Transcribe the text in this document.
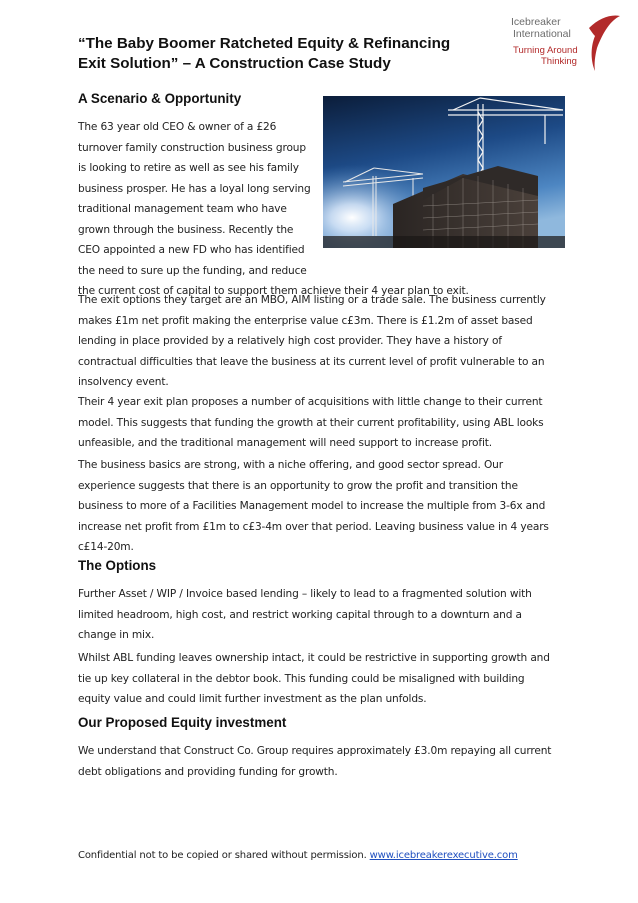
“The Baby Boomer Ratcheted Equity & Refinancing
Exit Solution” – A Construction Case Study
Icebreaker
International
Turning Around
Thinking
A Scenario & Opportunity

The 63 year old CEO & owner of a £26
turnover family construction business group
is looking to retire as well as see his family
business prosper. He has a loyal long serving
traditional management team who have
grown through the business. Recently the
CEO appointed a new FD who has identified
the need to sure up the funding, and reduce
the current cost of capital to support them achieve their 4 year plan to exit.

The exit options they target are an MBO, AIM listing or a trade sale. The business currently
makes £1m net profit making the enterprise value c£3m. There is £1.2m of asset based
lending in place provided by a relatively high cost provider. They have a history of
contractual difficulties that leave the business at its current level of profit vulnerable to an
insolvency event.

Their 4 year exit plan proposes a number of acquisitions with little change to their current
model. This suggests that funding the growth at their current profitability, using ABL looks
unfeasible, and the traditional management will need support to increase profit.

The business basics are strong, with a niche offering, and good sector spread. Our
experience suggests that there is an opportunity to grow the profit and transition the
business to more of a Facilities Management model to increase the multiple from 3-6x and
increase net profit from £1m to c£3-4m over that period. Leaving business value in 4 years
c£14-20m.

The Options

Further Asset / WIP / Invoice based lending – likely to lead to a fragmented solution with
limited headroom, high cost, and restrict working capital through to a downturn and a
change in mix.

Whilst ABL funding leaves ownership intact, it could be restrictive in supporting growth and
tie up key collateral in the debtor book. This funding could be misaligned with building
equity value and could limit further investment as the plan unfolds.

Our Proposed Equity investment

We understand that Construct Co. Group requires approximately £3.0m repaying all current
debt obligations and providing funding for growth.

Confidential not to be copied or shared without permission. www.icebreakerexecutive.com
